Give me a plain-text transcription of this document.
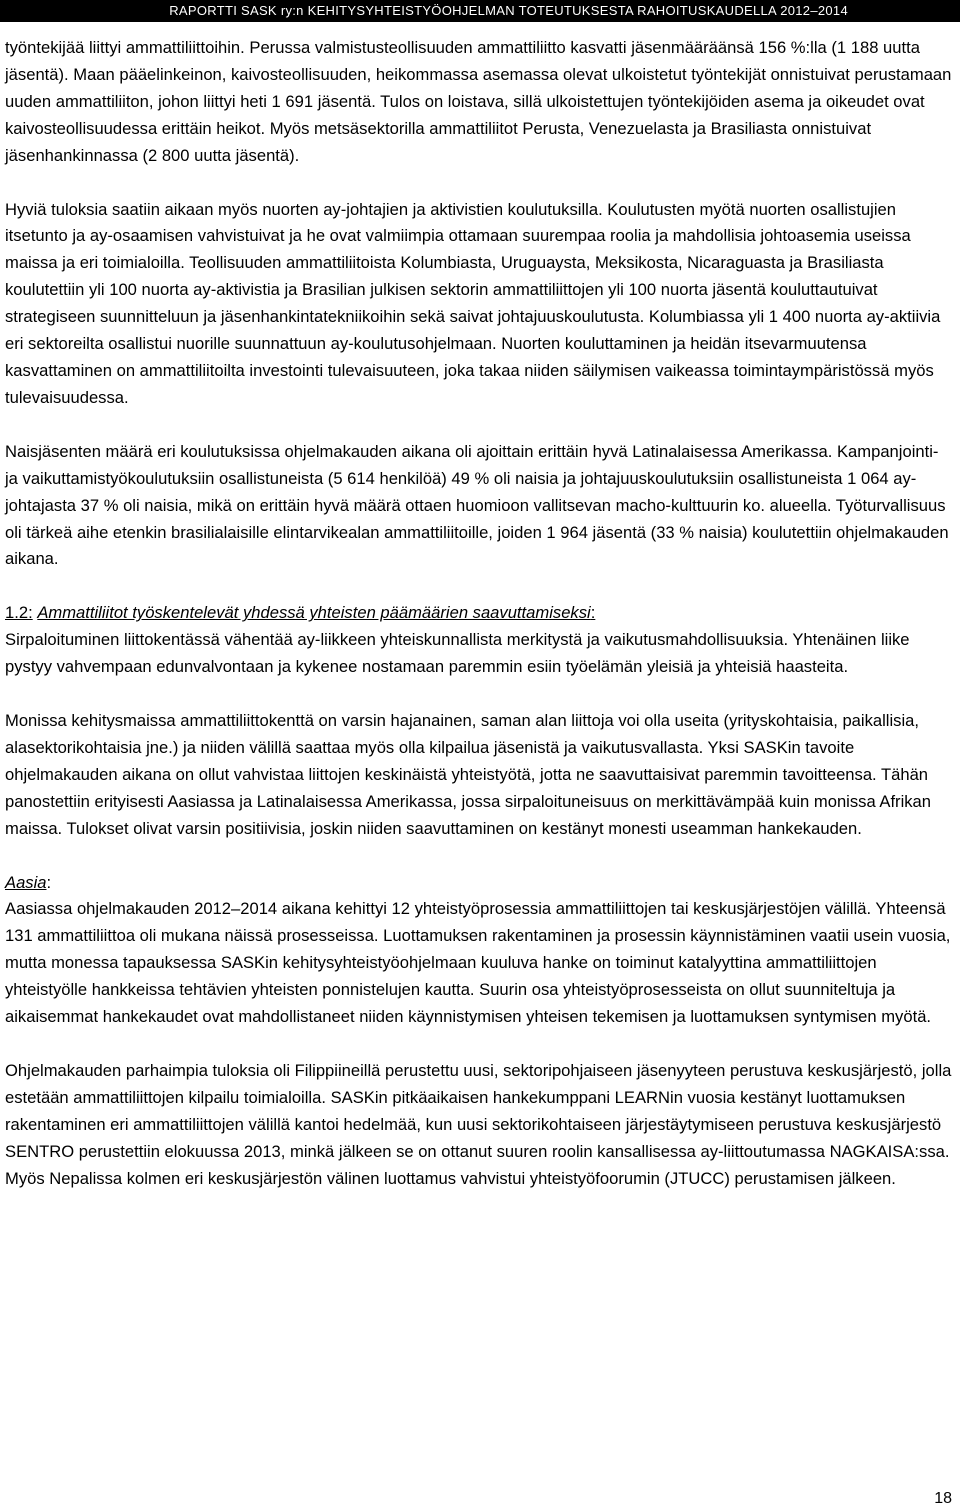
RAPORTTI SASK ry:n KEHITYSYHTEISTYÖOHJELMAN TOTEUTUKSESTA RAHOITUSKAUDELLA 2012–2014

työntekijää liittyi ammattiliittoihin. Perussa valmistusteollisuuden ammattiliitto kasvatti jäsenmääräänsä 156 %:lla (1 188 uutta jäsentä). Maan pääelinkeinon, kaivosteollisuuden, heikommassa asemassa olevat ulkoistetut työntekijät onnistuivat perustamaan uuden ammattiliiton, johon liittyi heti 1 691 jäsentä. Tulos on loistava, sillä ulkoistettujen työntekijöiden asema ja oikeudet ovat kaivosteollisuudessa erittäin heikot. Myös metsäsektorilla ammattiliitot Perusta, Venezuelasta ja Brasiliasta onnistuivat jäsenhankinnassa (2 800 uutta jäsentä).

Hyviä tuloksia saatiin aikaan myös nuorten ay-johtajien ja aktivistien koulutuksilla. Koulutusten myötä nuorten osallistujien itsetunto ja ay-osaamisen vahvistuivat ja he ovat valmiimpia ottamaan suurempaa roolia ja mahdollisia johtoasemia useissa maissa ja eri toimialoilla. Teollisuuden ammattiliitoista Kolumbiasta, Uruguaysta, Meksikosta, Nicaraguasta ja Brasiliasta koulutettiin yli 100 nuorta ay-aktivistia ja Brasilian julkisen sektorin ammattiliittojen yli 100 nuorta jäsentä kouluttautuivat strategiseen suunnitteluun ja jäsenhankintatekniikoihin sekä saivat johtajuuskoulutusta. Kolumbiassa yli 1 400 nuorta ay-aktiivia eri sektoreilta osallistui nuorille suunnattuun ay-koulutusohjelmaan. Nuorten kouluttaminen ja heidän itsevarmuutensa kasvattaminen on ammattiliitoilta investointi tulevaisuuteen, joka takaa niiden säilymisen vaikeassa toimintaympäristössä myös tulevaisuudessa.

Naisjäsenten määrä eri koulutuksissa ohjelmakauden aikana oli ajoittain erittäin hyvä Latinalaisessa Amerikassa. Kampanjointi- ja vaikuttamistyökoulutuksiin osallistuneista (5 614 henkilöä) 49 % oli naisia ja johtajuuskoulutuksiin osallistuneista 1 064 ay-johtajasta 37 % oli naisia, mikä on erittäin hyvä määrä ottaen huomioon vallitsevan macho-kulttuurin ko. alueella. Työturvallisuus oli tärkeä aihe etenkin brasilialaisille elintarvikealan ammattiliitoille, joiden 1 964 jäsentä (33 % naisia) koulutettiin ohjelmakauden aikana.

1.2: Ammattiliitot työskentelevät yhdessä yhteisten päämäärien saavuttamiseksi:

Sirpaloituminen liittokentässä vähentää ay-liikkeen yhteiskunnallista merkitystä ja vaikutusmahdollisuuksia. Yhtenäinen liike pystyy vahvempaan edunvalvontaan ja kykenee nostamaan paremmin esiin työelämän yleisiä ja yhteisiä haasteita.

Monissa kehitysmaissa ammattiliittokenttä on varsin hajanainen, saman alan liittoja voi olla useita (yrityskohtaisia, paikallisia, alasektorikohtaisia jne.) ja niiden välillä saattaa myös olla kilpailua jäsenistä ja vaikutusvallasta. Yksi SASKin tavoite ohjelmakauden aikana on ollut vahvistaa liittojen keskinäistä yhteistyötä, jotta ne saavuttaisivat paremmin tavoitteensa. Tähän panostettiin erityisesti Aasiassa ja Latinalaisessa Amerikassa, jossa sirpaloituneisuus on merkittävämpää kuin monissa Afrikan maissa. Tulokset olivat varsin positiivisia, joskin niiden saavuttaminen on kestänyt monesti useamman hankekauden.

Aasia:

Aasiassa ohjelmakauden 2012–2014 aikana kehittyi 12 yhteistyöprosessia ammattiliittojen tai keskusjärjestöjen välillä. Yhteensä 131 ammattiliittoa oli mukana näissä prosesseissa. Luottamuksen rakentaminen ja prosessin käynnistäminen vaatii usein vuosia, mutta monessa tapauksessa SASKin kehitysyhteistyöohjelmaan kuuluva hanke on toiminut katalyyttina ammattiliittojen yhteistyölle hankkeissa tehtävien yhteisten ponnistelujen kautta. Suurin osa yhteistyöprosesseista on ollut suunniteltuja ja aikaisemmat hankekaudet ovat mahdollistaneet niiden käynnistymisen yhteisen tekemisen ja luottamuksen syntymisen myötä.

Ohjelmakauden parhaimpia tuloksia oli Filippiineillä perustettu uusi, sektoripohjaiseen jäsenyyteen perustuva keskusjärjestö, jolla estetään ammattiliittojen kilpailu toimialoilla. SASKin pitkäaikaisen hankekumppani LEARNin vuosia kestänyt luottamuksen rakentaminen eri ammattiliittojen välillä kantoi hedelmää, kun uusi sektorikohtaiseen järjestäytymiseen perustuva keskusjärjestö SENTRO perustettiin elokuussa 2013, minkä jälkeen se on ottanut suuren roolin kansallisessa ay-liittoutumassa NAGKAISA:ssa. Myös Nepalissa kolmen eri keskusjärjestön välinen luottamus vahvistui yhteistyöfoorumin (JTUCC) perustamisen jälkeen.

18
